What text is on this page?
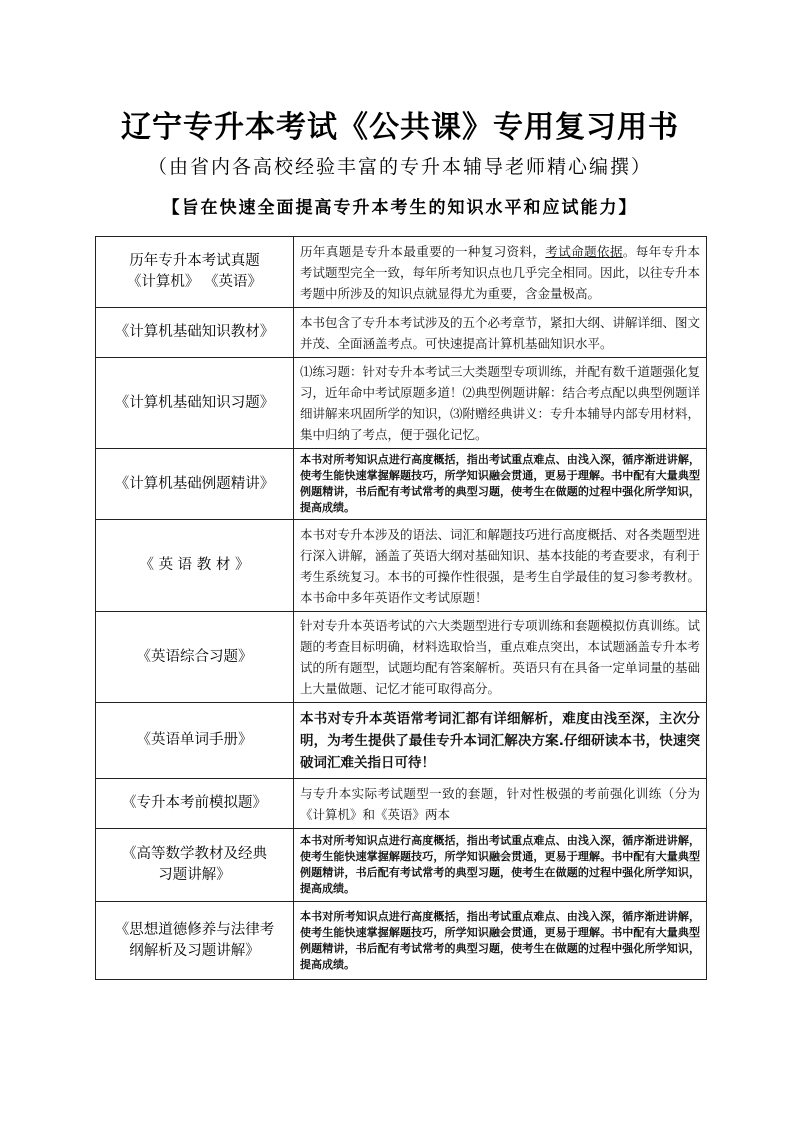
辽宁专升本考试《公共课》专用复习用书
（由省内各高校经验丰富的专升本辅导老师精心编撰）
【旨在快速全面提高专升本考生的知识水平和应试能力】
历年专升本考试真题
《计算机》 《英语》	历年真题是专升本最重要的一种复习资料，考试命题依据。每年专升本考试题型完全一致，每年所考知识点也几乎完全相同。因此，以往专升本考题中所涉及的知识点就显得尤为重要，含金量极高。
《计算机基础知识教材》	本书包含了专升本考试涉及的五个必考章节，紧扣大纲、讲解详细、图文并茂、全面涵盖考点。可快速提高计算机基础知识水平。
《计算机基础知识习题》	⑴练习题：针对专升本考试三大类题型专项训练，并配有数千道题强化复习，近年命中考试原题多道！⑵典型例题讲解：结合考点配以典型例题详细讲解来巩固所学的知识，⑶附赠经典讲义：专升本辅导内部专用材料，集中归纳了考点，便于强化记忆。
《计算机基础例题精讲》	本书对所考知识点进行高度概括，指出考试重点难点、由浅入深，循序渐进讲解，使考生能快速掌握解题技巧，所学知识融会贯通，更易于理解。书中配有大量典型例题精讲，书后配有考试常考的典型习题，使考生在做题的过程中强化所学知识，提高成绩。
《 英 语 教 材 》	本书对专升本涉及的语法、词汇和解题技巧进行高度概括、对各类题型进行深入讲解，涵盖了英语大纲对基础知识、基本技能的考查要求，有利于考生系统复习。本书的可操作性很强，是考生自学最佳的复习参考教材。本书命中多年英语作文考试原题！
《英语综合习题》	针对专升本英语考试的六大类题型进行专项训练和套题模拟仿真训练。试题的考查目标明确，材料选取恰当，重点难点突出，本试题涵盖专升本考试的所有题型，试题均配有答案解析。英语只有在具备一定单词量的基础上大量做题、记忆才能可取得高分。
《英语单词手册》	本书对专升本英语常考词汇都有详细解析，难度由浅至深，主次分明，为考生提供了最佳专升本词汇解决方案.仔细研读本书，快速突破词汇难关指日可待！
《专升本考前模拟题》	与专升本实际考试题型一致的套题，针对性极强的考前强化训练（分为《计算机》和《英语》两本

《高等数学教材及经典
习题讲解》	本书对所考知识点进行高度概括，指出考试重点难点、由浅入深，循序渐进讲解，使考生能快速掌握解题技巧，所学知识融会贯通，更易于理解。书中配有大量典型例题精讲，书后配有考试常考的典型习题，使考生在做题的过程中强化所学知识，提高成绩。

《思想道德修养与法律考
纲解析及习题讲解》	本书对所考知识点进行高度概括，指出考试重点难点、由浅入深，循序渐进讲解，使考生能快速掌握解题技巧，所学知识融会贯通，更易于理解。书中配有大量典型例题精讲，书后配有考试常考的典型习题，使考生在做题的过程中强化所学知识，提高成绩。
